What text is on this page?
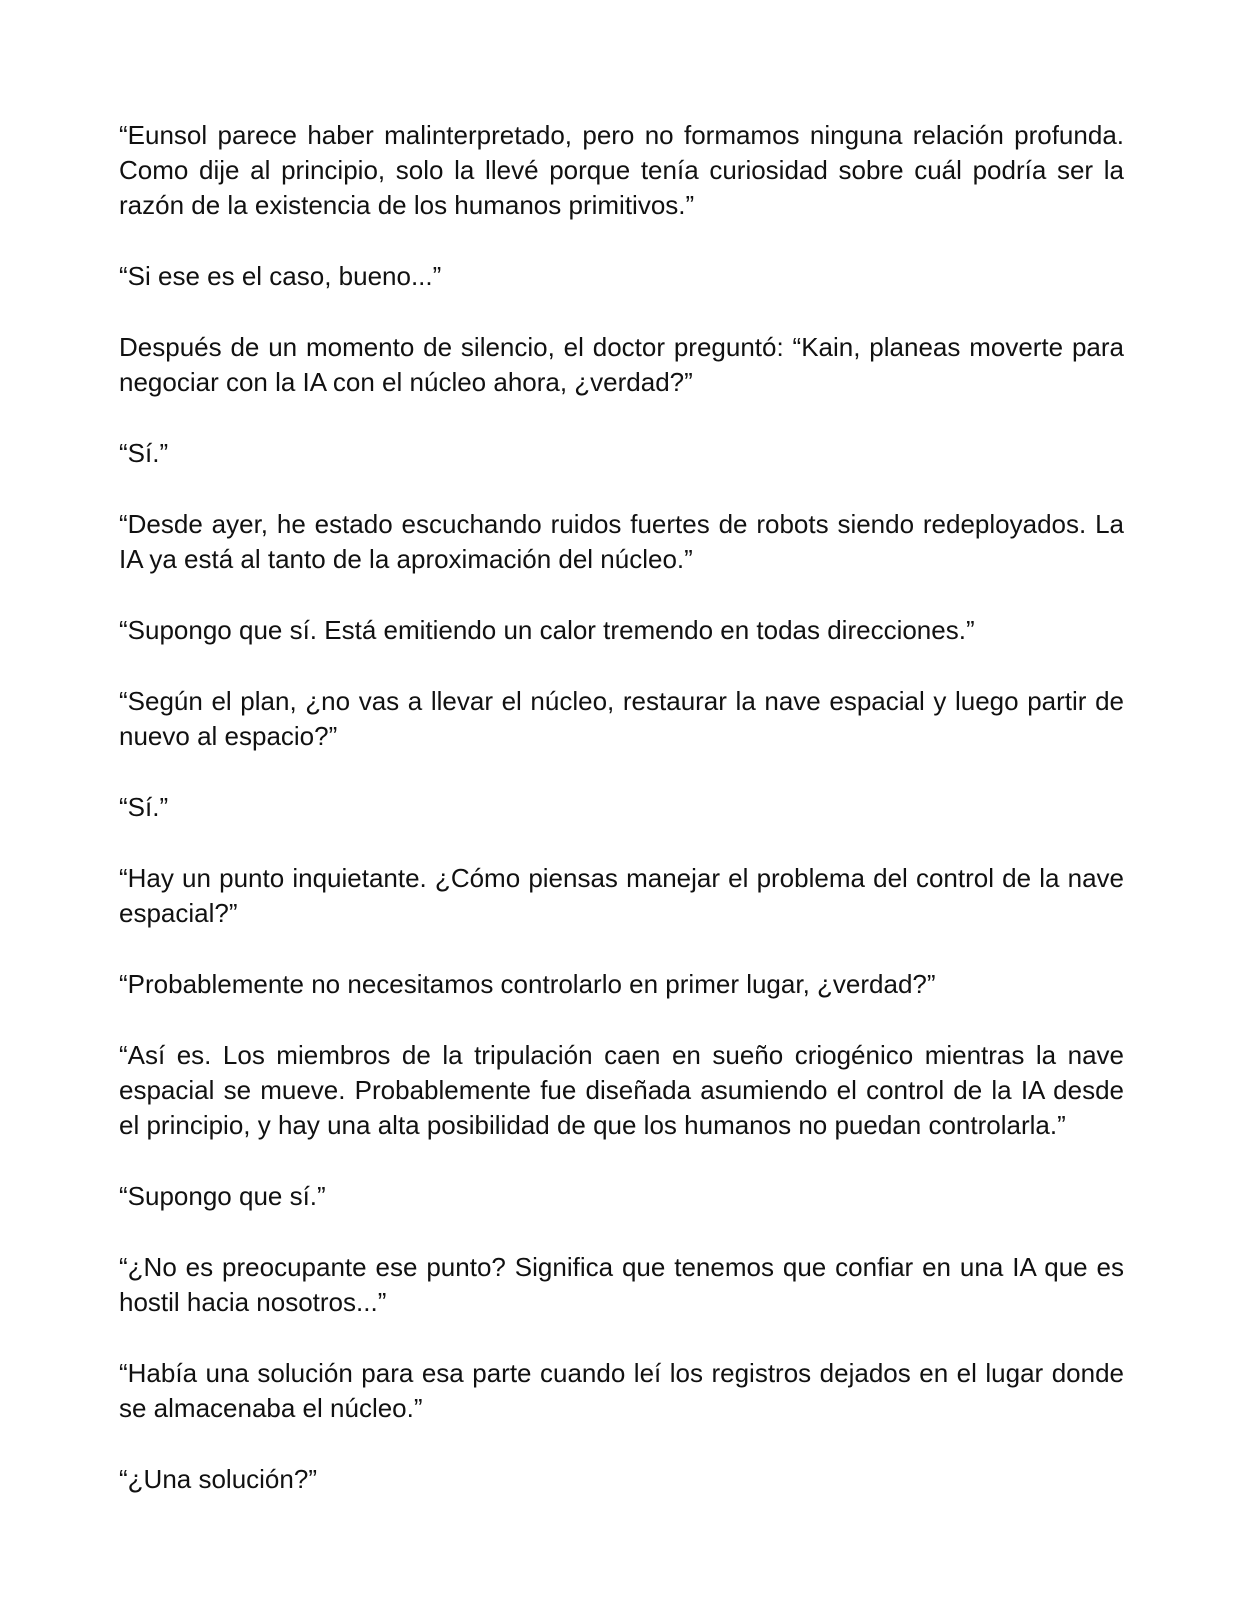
“Eunsol parece haber malinterpretado, pero no formamos ninguna relación profunda. Como dije al principio, solo la llevé porque tenía curiosidad sobre cuál podría ser la razón de la existencia de los humanos primitivos.”

“Si ese es el caso, bueno...”

Después de un momento de silencio, el doctor preguntó: “Kain, planeas moverte para negociar con la IA con el núcleo ahora, ¿verdad?”

“Sí.”

“Desde ayer, he estado escuchando ruidos fuertes de robots siendo redeployados. La IA ya está al tanto de la aproximación del núcleo.”

“Supongo que sí. Está emitiendo un calor tremendo en todas direcciones.”

“Según el plan, ¿no vas a llevar el núcleo, restaurar la nave espacial y luego partir de nuevo al espacio?”

“Sí.”

“Hay un punto inquietante. ¿Cómo piensas manejar el problema del control de la nave espacial?”

“Probablemente no necesitamos controlarlo en primer lugar, ¿verdad?”

“Así es. Los miembros de la tripulación caen en sueño criogénico mientras la nave espacial se mueve. Probablemente fue diseñada asumiendo el control de la IA desde el principio, y hay una alta posibilidad de que los humanos no puedan controlarla.”

“Supongo que sí.”

“¿No es preocupante ese punto? Significa que tenemos que confiar en una IA que es hostil hacia nosotros...”

“Había una solución para esa parte cuando leí los registros dejados en el lugar donde se almacenaba el núcleo.”

“¿Una solución?”
